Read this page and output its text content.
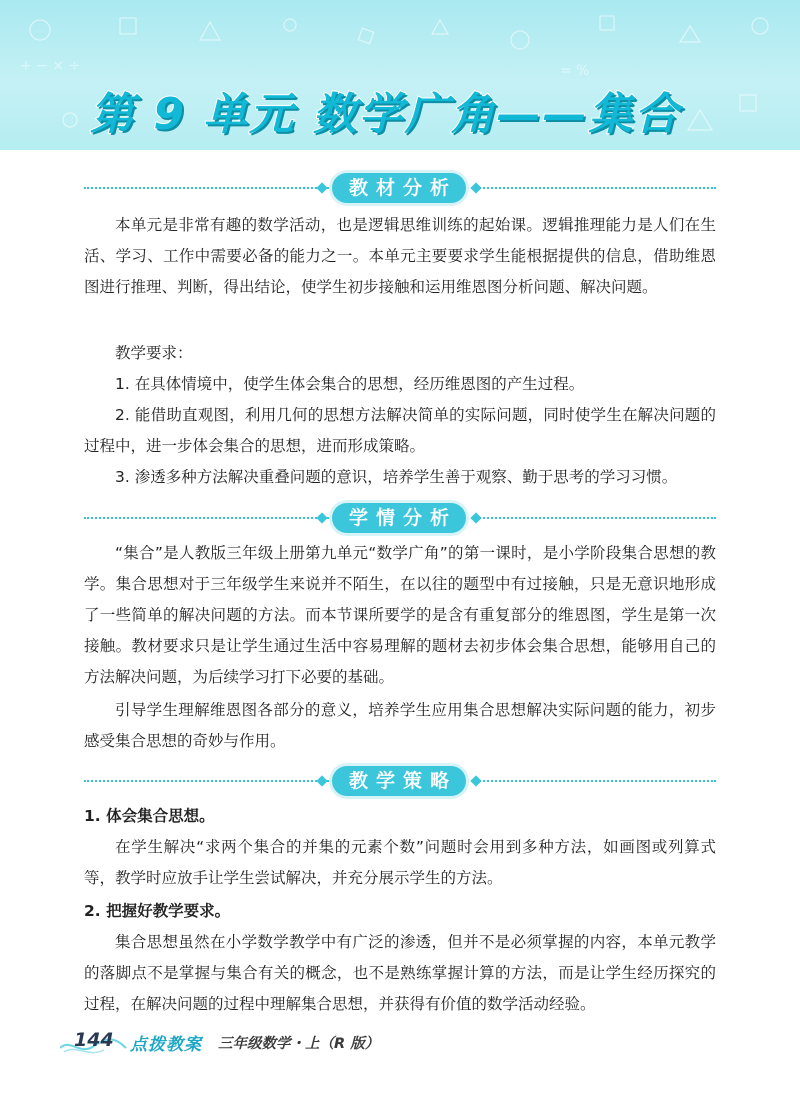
+ − × ÷	= %
第 9 单元 数学广角——集合
教材分析

本单元是非常有趣的数学活动，也是逻辑思维训练的起始课。逻辑推理能力是人们在生活、学习、工作中需要必备的能力之一。本单元主要要求学生能根据提供的信息，借助维恩图进行推理、判断，得出结论，使学生初步接触和运用维恩图分析问题、解决问题。

教学要求：

1. 在具体情境中，使学生体会集合的思想，经历维恩图的产生过程。

2. 能借助直观图，利用几何的思想方法解决简单的实际问题，同时使学生在解决问题的过程中，进一步体会集合的思想，进而形成策略。

3. 渗透多种方法解决重叠问题的意识，培养学生善于观察、勤于思考的学习习惯。

学情分析

“集合”是人教版三年级上册第九单元“数学广角”的第一课时，是小学阶段集合思想的教学。集合思想对于三年级学生来说并不陌生，在以往的题型中有过接触，只是无意识地形成了一些简单的解决问题的方法。而本节课所要学的是含有重复部分的维恩图，学生是第一次接触。教材要求只是让学生通过生活中容易理解的题材去初步体会集合思想，能够用自己的方法解决问题，为后续学习打下必要的基础。

引导学生理解维恩图各部分的意义，培养学生应用集合思想解决实际问题的能力，初步感受集合思想的奇妙与作用。

教学策略

1. 体会集合思想。

在学生解决“求两个集合的并集的元素个数”问题时会用到多种方法，如画图或列算式等，教学时应放手让学生尝试解决，并充分展示学生的方法。

2. 把握好教学要求。

集合思想虽然在小学数学教学中有广泛的渗透，但并不是必须掌握的内容，本单元教学的落脚点不是掌握与集合有关的概念，也不是熟练掌握计算的方法，而是让学生经历探究的过程，在解决问题的过程中理解集合思想，并获得有价值的数学活动经验。

144 点拨教案 三年级数学・上（R 版）
